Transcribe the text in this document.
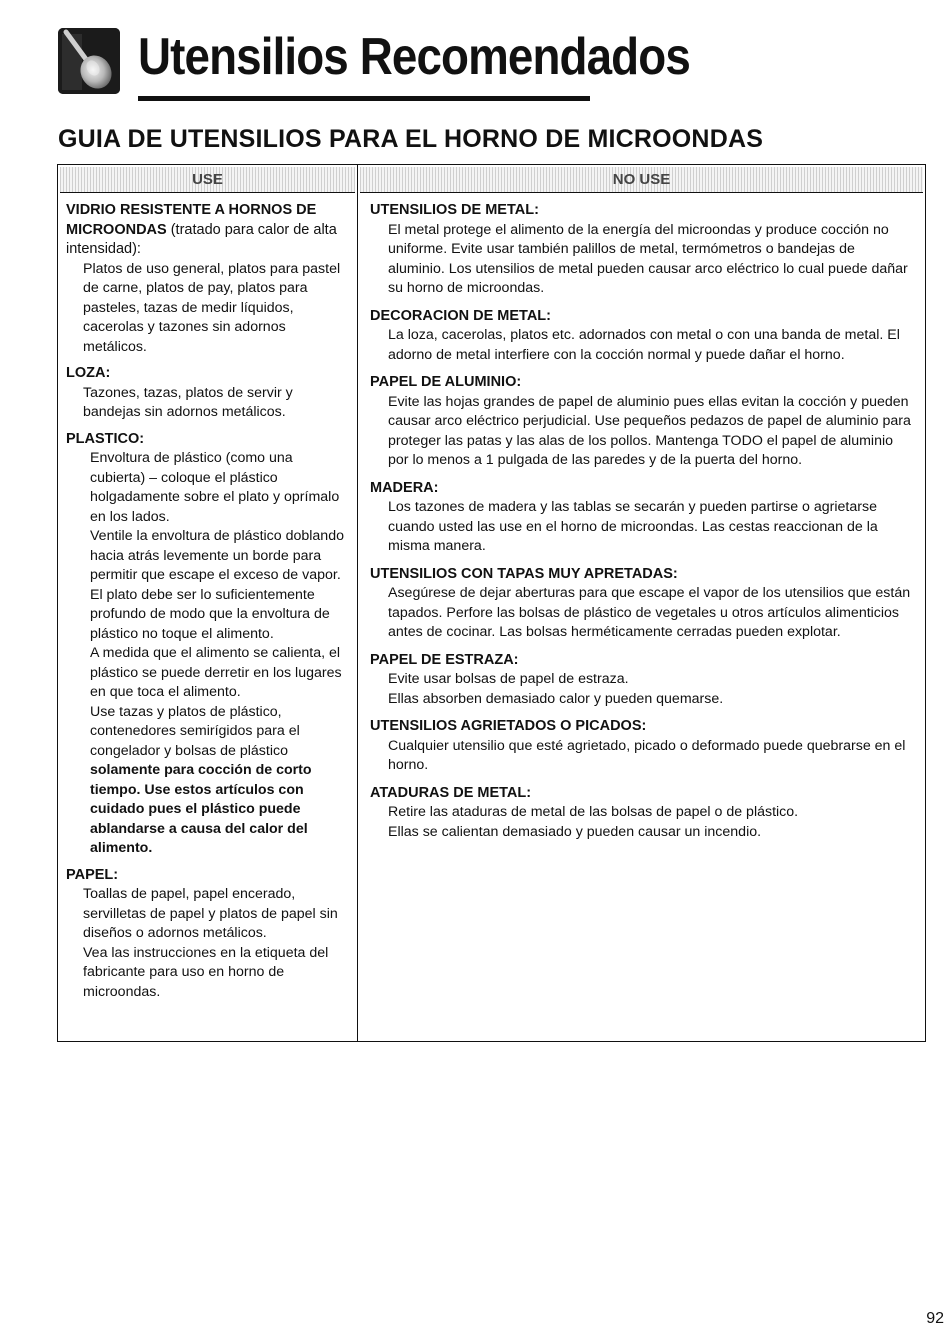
Utensilios Recomendados
GUIA DE UTENSILIOS PARA EL HORNO DE MICROONDAS
USE

VIDRIO RESISTENTE A HORNOS DE MICROONDAS (tratado para calor de alta intensidad):

Platos de uso general, platos para pastel de carne, platos de pay, platos para pasteles, tazas de medir líquidos, cacerolas y tazones sin adornos metálicos.

LOZA:

Tazones, tazas, platos de servir y bandejas sin adornos metálicos.

PLASTICO:

Envoltura de plástico (como una cubierta) – coloque el plástico holgadamente sobre el plato y oprímalo en los lados.

Ventile la envoltura de plástico doblando hacia atrás levemente un borde para permitir que escape el exceso de vapor. El plato debe ser lo suficientemente profundo de modo que la envoltura de plástico no toque el alimento.

A medida que el alimento se calienta, el plástico se puede derretir en los lugares en que toca el alimento.

Use tazas y platos de plástico, contenedores semirígidos para el congelador y bolsas de plástico solamente para cocción de corto tiempo. Use estos artículos con cuidado pues el plástico puede ablandarse a causa del calor del alimento.

PAPEL:

Toallas de papel, papel encerado, servilletas de papel y platos de papel sin diseños o adornos metálicos.

Vea las instrucciones en la etiqueta del fabricante para uso en horno de microondas.

NO USE

UTENSILIOS DE METAL:

El metal protege el alimento de la energía del microondas y produce cocción no uniforme. Evite usar también palillos de metal, termómetros o bandejas de aluminio. Los utensilios de metal pueden causar arco eléctrico lo cual puede dañar su horno de microondas.

DECORACION DE METAL:

La loza, cacerolas, platos etc. adornados con metal o con una banda de metal. El adorno de metal interfiere con la cocción normal y puede dañar el horno.

PAPEL DE ALUMINIO:

Evite las hojas grandes de papel de aluminio pues ellas evitan la cocción y pueden causar arco eléctrico perjudicial. Use pequeños pedazos de papel de aluminio para proteger las patas y las alas de los pollos. Mantenga TODO el papel de aluminio por lo menos a 1 pulgada de las paredes y de la puerta del horno.

MADERA:

Los tazones de madera y las tablas se secarán y pueden partirse o agrietarse cuando usted las use en el horno de microondas. Las cestas reaccionan de la misma manera.

UTENSILIOS CON TAPAS MUY APRETADAS:

Asegúrese de dejar aberturas para que escape el vapor de los utensilios que están tapados. Perfore las bolsas de plástico de vegetales u otros artículos alimenticios antes de cocinar. Las bolsas herméticamente cerradas pueden explotar.

PAPEL DE ESTRAZA:

Evite usar bolsas de papel de estraza.

Ellas absorben demasiado calor y pueden quemarse.

UTENSILIOS AGRIETADOS O PICADOS:

Cualquier utensilio que esté agrietado, picado o deformado puede quebrarse en el horno.

ATADURAS DE METAL:

Retire las ataduras de metal de las bolsas de papel o de plástico.

Ellas se calientan demasiado y pueden causar un incendio.

92
